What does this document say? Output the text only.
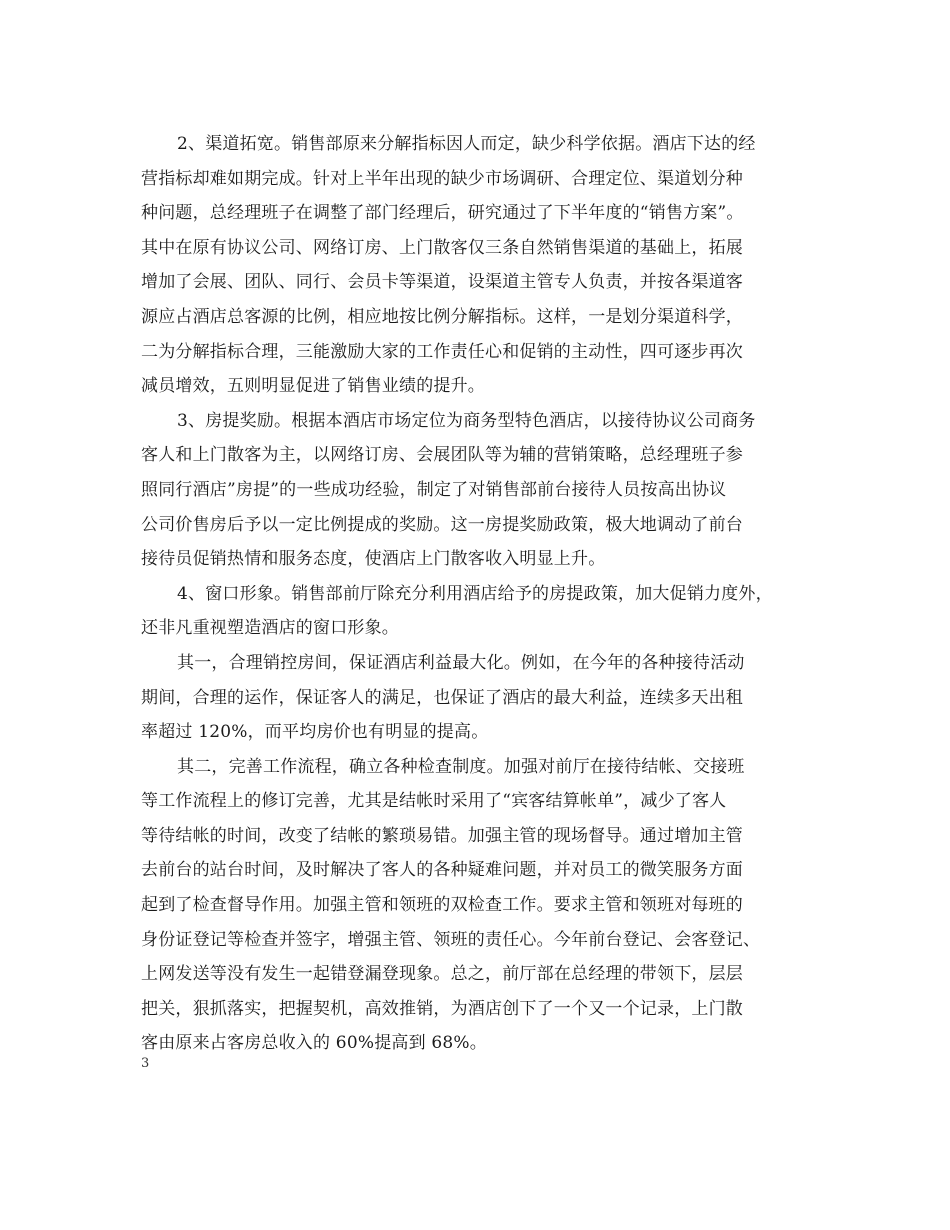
2、渠道拓宽。销售部原来分解指标因人而定，缺少科学依据。酒店下达的经
营指标却难如期完成。针对上半年出现的缺少市场调研、合理定位、渠道划分种
种问题，总经理班子在调整了部门经理后，研究通过了下半年度的“销售方案”。
其中在原有协议公司、网络订房、上门散客仅三条自然销售渠道的基础上，拓展
增加了会展、团队、同行、会员卡等渠道，设渠道主管专人负责，并按各渠道客
源应占酒店总客源的比例，相应地按比例分解指标。这样，一是划分渠道科学，
二为分解指标合理，三能激励大家的工作责任心和促销的主动性，四可逐步再次
减员增效，五则明显促进了销售业绩的提升。
3、房提奖励。根据本酒店市场定位为商务型特色酒店，以接待协议公司商务
客人和上门散客为主，以网络订房、会展团队等为辅的营销策略，总经理班子参
照同行酒店”房提”的一些成功经验，制定了对销售部前台接待人员按高出协议
公司价售房后予以一定比例提成的奖励。这一房提奖励政策，极大地调动了前台
接待员促销热情和服务态度，使酒店上门散客收入明显上升。
4、窗口形象。销售部前厅除充分利用酒店给予的房提政策，加大促销力度外，
还非凡重视塑造酒店的窗口形象。
其一，合理销控房间，保证酒店利益最大化。例如，在今年的各种接待活动
期间，合理的运作，保证客人的满足，也保证了酒店的最大利益，连续多天出租
率超过 120%，而平均房价也有明显的提高。
其二，完善工作流程，确立各种检查制度。加强对前厅在接待结帐、交接班
等工作流程上的修订完善，尤其是结帐时采用了“宾客结算帐单”，减少了客人
等待结帐的时间，改变了结帐的繁琐易错。加强主管的现场督导。通过增加主管
去前台的站台时间，及时解决了客人的各种疑难问题，并对员工的微笑服务方面
起到了检查督导作用。加强主管和领班的双检查工作。要求主管和领班对每班的
身份证登记等检查并签字，增强主管、领班的责任心。今年前台登记、会客登记、
上网发送等没有发生一起错登漏登现象。总之，前厅部在总经理的带领下，层层
把关，狠抓落实，把握契机，高效推销，为酒店创下了一个又一个记录，上门散
客由原来占客房总收入的 60%提高到 68%。
3
